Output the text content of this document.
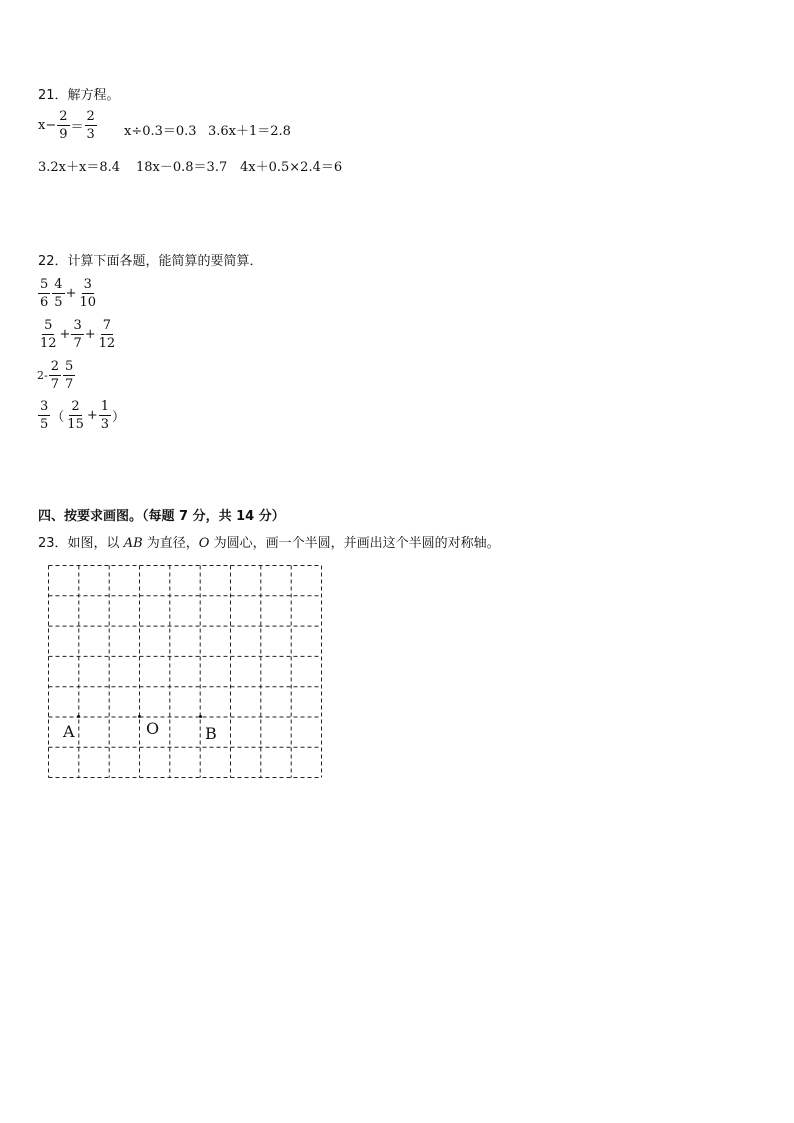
21．解方程。
$x- \frac{2}{9} = \frac{2}{3} x\div 0.3=0.3$ 3.6x＋1＝2.8
3.2x＋x＝8.4 18x－0.8＝3.7 4x＋0.5×2.4＝6
22．计算下面各题，能简算的要简算．
$\frac{5}{6} \frac{4}{5} + \frac{3}{10}$
$\frac{5}{12} + \frac{3}{7} + \frac{7}{12}$
$2- \frac{2}{7} \frac{5}{7}$
$\frac{3}{5}$ （ $\frac{2}{15} + \frac{1}{3}$ ）
四、按要求画图。（每题 7 分，共 14 分）
23．如图，以 AB 为直径，O 为圆心，画一个半圆，并画出这个半圆的对称轴。
A	O	B
